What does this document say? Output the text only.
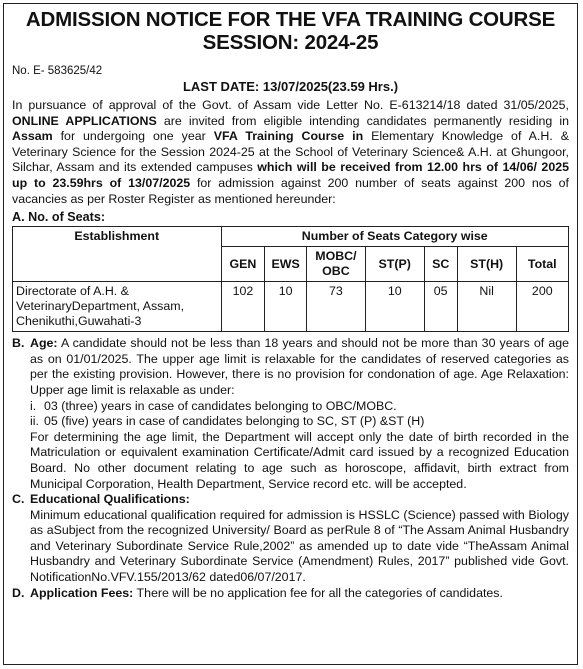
ADMISSION NOTICE FOR THE VFA TRAINING COURSE
SESSION: 2024-25
No. E- 583625/42
LAST DATE: 13/07/2025(23.59 Hrs.)
In pursuance of approval of the Govt. of Assam vide Letter No. E-613214/18 dated 31/05/2025, ONLINE APPLICATIONS are invited from eligible intending candidates permanently residing in Assam for undergoing one year VFA Training Course in Elementary Knowledge of A.H. & Veterinary Science for the Session 2024-25 at the School of Veterinary Science& A.H. at Ghungoor, Silchar, Assam and its extended campuses which will be received from 12.00 hrs of 14/06/ 2025 up to 23.59hrs of 13/07/2025 for admission against 200 number of seats against 200 nos of vacancies as per Roster Register as mentioned hereunder:
A. No. of Seats:
Establishment	Number of Seats Category wise						
	GEN	EWS	MOBC/ OBC	ST(P)	SC	ST(H)	Total
Directorate of A.H. & VeterinaryDepartment, Assam, Chenikuthi,Guwahati-3	102	10	73	10	05	Nil	200
B. Age: A candidate should not be less than 18 years and should not be more than 30 years of age as on 01/01/2025. The upper age limit is relaxable for the candidates of reserved categories as per the existing provision. However, there is no provision for condonation of age. Age Relaxation: Upper age limit is relaxable as under:
i. 03 (three) years in case of candidates belonging to OBC/MOBC.
ii. 05 (five) years in case of candidates belonging to SC, ST (P) &ST (H)
For determining the age limit, the Department will accept only the date of birth recorded in the Matriculation or equivalent examination Certificate/Admit card issued by a recognized Education Board. No other document relating to age such as horoscope, affidavit, birth extract from Municipal Corporation, Health Department, Service record etc. will be accepted.
C. Educational Qualifications:
Minimum educational qualification required for admission is HSSLC (Science) passed with Biology as aSubject from the recognized University/ Board as perRule 8 of “The Assam Animal Husbandry and Veterinary Subordinate Service Rule,2002” as amended up to date vide “TheAssam Animal Husbandry and Veterinary Subordinate Service (Amendment) Rules, 2017” published vide Govt. NotificationNo.VFV.155/2013/62 dated06/07/2017.
D. Application Fees: There will be no application fee for all the categories of candidates.
